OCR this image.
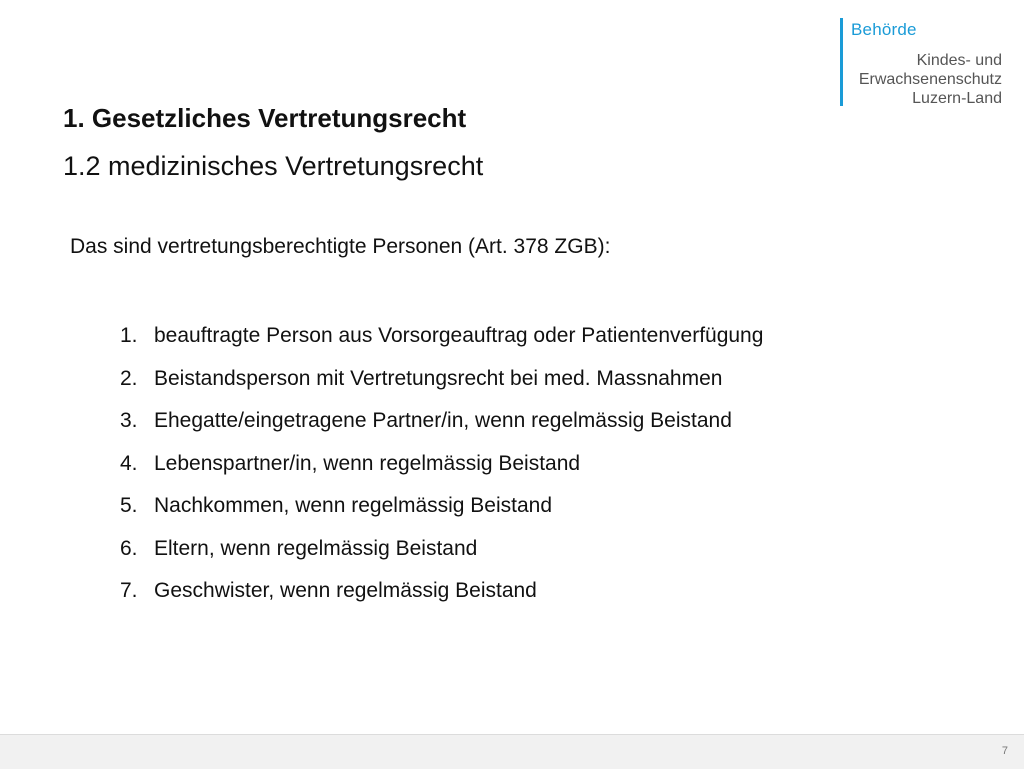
Behörde
Kindes- und
Erwachsenenschutz
Luzern-Land
1. Gesetzliches Vertretungsrecht
1.2 medizinisches Vertretungsrecht
Das sind vertretungsberechtigte Personen (Art. 378 ZGB):
1. beauftragte Person aus Vorsorgeauftrag oder Patientenverfügung
2. Beistandsperson mit Vertretungsrecht bei med. Massnahmen
3. Ehegatte/eingetragene Partner/in, wenn regelmässig Beistand
4. Lebenspartner/in, wenn regelmässig Beistand
5. Nachkommen, wenn regelmässig Beistand
6. Eltern, wenn regelmässig Beistand
7. Geschwister, wenn regelmässig Beistand
7
